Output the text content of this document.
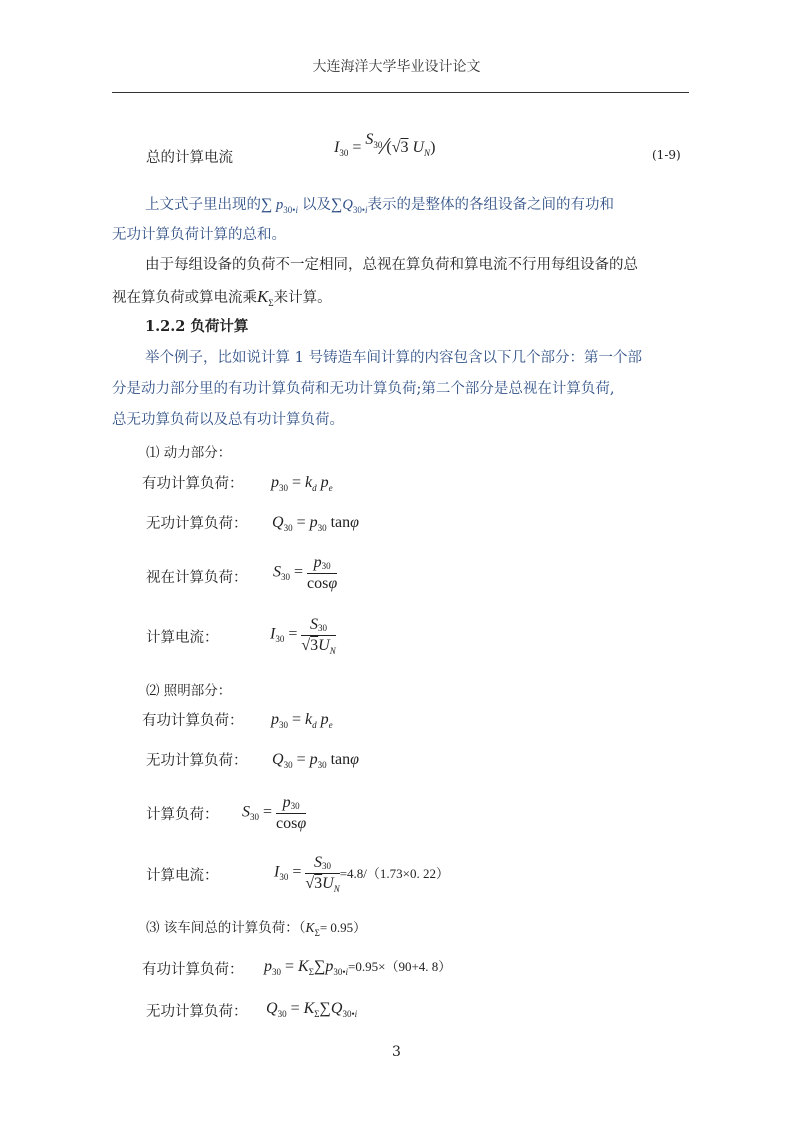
大连海洋大学毕业设计论文
总的计算电流
$I_{30}$ = $S^{30}⁄(√3$ $U_N$)	(1-9)
上文式子里出现的∑ $p_{30•i}$ 以及$\sum Q_{30•i}$表示的是整体的各组设备之间的有功和
无功计算负荷计算的总和。
由于每组设备的负荷不一定相同，总视在算负荷和算电流不行用每组设备的总
视在算负荷或算电流乘$K_\Sigma$来计算。
1.2.2 负荷计算
举个例子，比如说计算 1 号铸造车间计算的内容包含以下几个部分：第一个部
分是动力部分里的有功计算负荷和无功计算负荷;第二个部分是总视在计算负荷,
总无功算负荷以及总有功计算负荷。
⑴ 动力部分：
有功计算负荷： $p_{30} = k_d$ $p_e$
无功计算负荷： $Q_{30} = p_{30}$ tanφ
视在计算负荷： $S_{30} = \frac{p30}{\cos\varphi}$
计算电流：	$I_{30} = \frac{S30}{√3U_N}$
⑵ 照明部分：
有功计算负荷： $p_{30} = k_d$ $p_e$
无功计算负荷： $Q_{30} = p_{30}$ tanφ
计算负荷： $S_{30} = \frac{p30}{\cos\varphi}$
计算电流：	$I_{30} = \frac{S30}{√3U_N} =4.8/(1.73\times 0$. 22）
⑶ 该车间总的计算负荷：$(K_\Sigma= 0.95)$
有功计算负荷： $p_{30} = K_\Sigma\sum p_{30•i}=0.95\times(90+4$. 8）
无功计算负荷： $Q_{30} = K_\Sigma\sum Q_{30•i}$
3
